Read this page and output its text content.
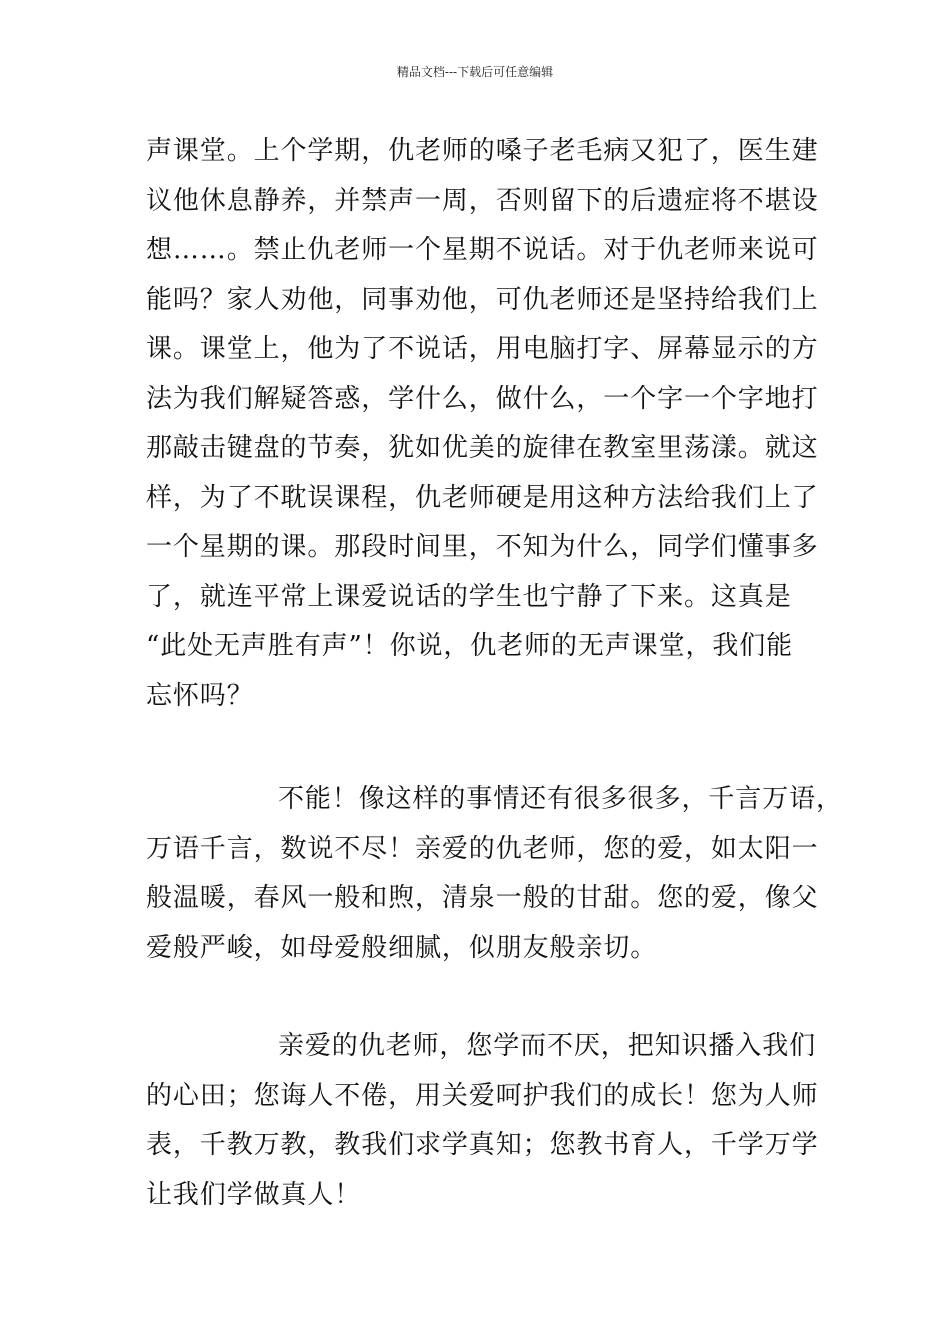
精品文档---下载后可任意编辑
声课堂。上个学期，仇老师的嗓子老毛病又犯了，医生建
议他休息静养，并禁声一周，否则留下的后遗症将不堪设
想……。禁止仇老师一个星期不说话。对于仇老师来说可
能吗？家人劝他，同事劝他，可仇老师还是坚持给我们上
课。课堂上，他为了不说话，用电脑打字、屏幕显示的方
法为我们解疑答惑，学什么，做什么，一个字一个字地打
那敲击键盘的节奏，犹如优美的旋律在教室里荡漾。就这
样，为了不耽误课程，仇老师硬是用这种方法给我们上了
一个星期的课。那段时间里，不知为什么，同学们懂事多
了，就连平常上课爱说话的学生也宁静了下来。这真是
“此处无声胜有声”！你说，仇老师的无声课堂，我们能
忘怀吗？
不能！像这样的事情还有很多很多，千言万语，
万语千言，数说不尽！亲爱的仇老师，您的爱，如太阳一
般温暖，春风一般和煦，清泉一般的甘甜。您的爱，像父
爱般严峻，如母爱般细腻，似朋友般亲切。
亲爱的仇老师，您学而不厌，把知识播入我们
的心田；您诲人不倦，用关爱呵护我们的成长！您为人师
表，千教万教，教我们求学真知；您教书育人，千学万学
让我们学做真人！
